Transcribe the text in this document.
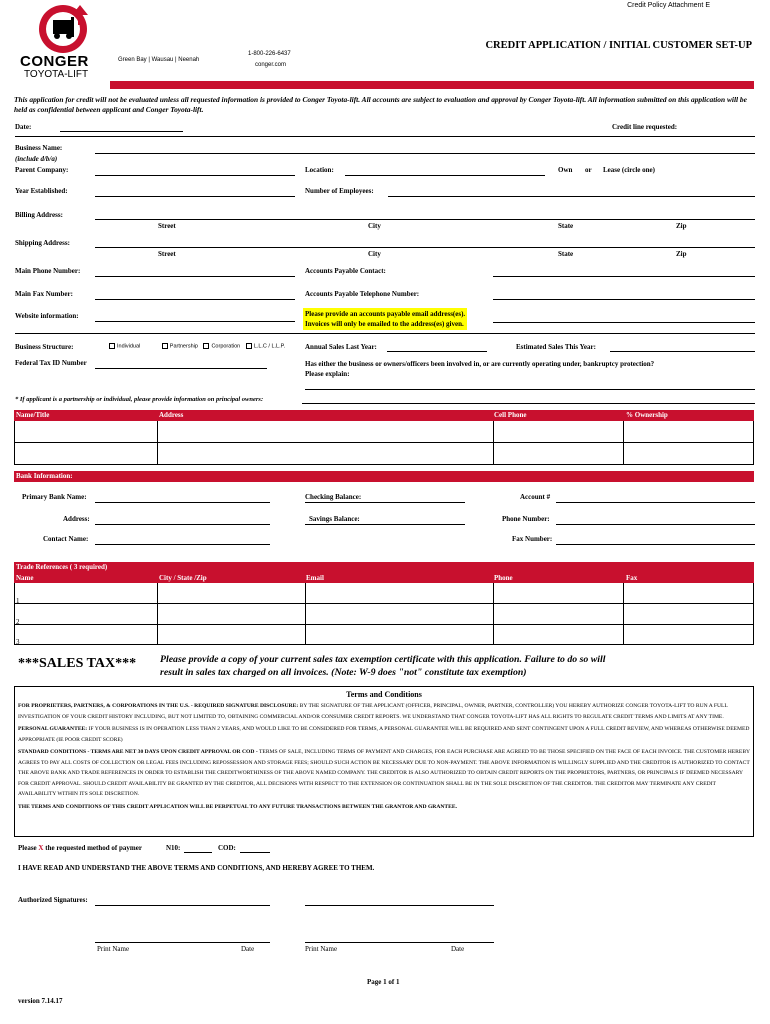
Credit Policy Attachment E
CONGER
TOYOTA-LIFT
Green Bay | Wausau | Neenah
1-800-226-6437
conger.com
CREDIT APPLICATION / INITIAL CUSTOMER SET-UP
This application for credit will not be evaluated unless all requested information is provided to Conger Toyota-lift. All accounts are subject to evaluation and approval by Conger Toyota-lift. All information submitted on this application will be held as confidential between applicant and Conger Toyota-lift.
Date:	Credit line requested:
Business Name:
(include d/b/a)
Parent Company:	Location:	Own or Lease (circle one)
Year Established:	Number of Employees:
Billing Address:
Street	City	State	Zip
Shipping Address:
Street	City	State	Zip
Main Phone Number:	Accounts Payable Contact:
Main Fax Number:	Accounts Payable Telephone Number:
Website information:	Please provide an accounts payable email address(es).
Invoices will only be emailed to the address(es) given.
Business Structure:	Individual	Partnership Corporation L.L.C / L.L.P.	Annual Sales Last Year:	Estimated Sales This Year:
Federal Tax ID Number	Has either the business or owners/officers been involved in, or are currently operating under, bankruptcy protection?
Please explain:
* If applicant is a partnership or individual, please provide information on principal owners:
Name/Title	Address	Cell Phone	% Ownership
Bank Information:
Primary Bank Name:	Checking Balance:	Account #
Address:	Savings Balance:	Phone Number:
Contact Name:	Fax Number:
Trade References ( 3 required)
Name	City / State /Zip	Email	Phone	Fax
1
2
3
***SALES TAX*** Please provide a copy of your current sales tax exemption certificate with this application. Failure to do so will
result in sales tax charged on all invoices. (Note: W-9 does "not" constitute tax exemption)
Terms and Conditions

FOR PROPRIETERS, PARTNERS, & CORPORATIONS IN THE U.S. - REQUIRED SIGNATURE DISCLOSURE: BY THE SIGNATURE OF THE APPLICANT (OFFICER, PRINCIPAL, OWNER, PARTNER, CONTROLLER) YOU HEREBY AUTHORIZE CONGER TOYOTA-LIFT TO RUN A FULL INVESTIGATION OF YOUR CREDIT HISTORY INCLUDING, BUT NOT LIMITED TO, OBTAINING COMMERCIAL AND/OR CONSUMER CREDIT REPORTS. WE UNDERSTAND THAT CONGER TOYOTA-LIFT HAS ALL RIGHTS TO REGULATE CREDIT TERMS AND LIMITS AT ANY TIME.

PERSONAL GUARANTEE: IF YOUR BUSINESS IS IN OPERATION LESS THAN 2 YEARS, AND WOULD LIKE TO BE CONSIDERED FOR TERMS, A PERSONAL GUARANTEE WILL BE REQUIRED AND SENT CONTINGENT UPON A FULL CREDIT REVIEW, AND WHEREAS OTHERWISE DEEMED APPROPRIATE (IE POOR CREDIT SCORE)

STANDARD CONDITIONS - TERMS ARE NET 30 DAYS UPON CREDIT APPROVAL OR COD - TERMS OF SALE, INCLUDING TERMS OF PAYMENT AND CHARGES, FOR EACH PURCHASE ARE AGREED TO BE THOSE SPECIFIED ON THE FACE OF EACH INVOICE. THE CUSTOMER HEREBY AGREES TO PAY ALL COSTS OF COLLECTION OR LEGAL FEES INCLUDING REPOSSESSION AND STORAGE FEES; SHOULD SUCH ACTION BE NECESSARY DUE TO NON-PAYMENT. THE ABOVE INFORMATION IS WILLINGLY SUPPLIED AND THE CREDITOR IS AUTHORIZED TO CONTACT THE ABOVE BANK AND TRADE REFERENCES IN ORDER TO ESTABLISH THE CREDITWORTHINESS OF THE ABOVE NAMED COMPANY. THE CREDITOR IS ALSO AUTHORIZED TO OBTAIN CREDIT REPORTS ON THE PROPRIETORS, PARTNERS, OR PRINCIPALS IF DEEMED NECESSARY FOR CREDIT APPROVAL. SHOULD CREDIT AVAILABILITY BE GRANTED BY THE CREDITOR, ALL DECISIONS WITH RESPECT TO THE EXTENSION OR CONTINUATION SHALL BE IN THE SOLE DISCRETION OF THE CREDITOR. THE CREDITOR MAY TERMINATE ANY CREDIT AVAILABILITY WITHIN ITS SOLE DISCRETION.

THE TERMS AND CONDITIONS OF THIS CREDIT APPLICATION WILL BE PERPETUAL TO ANY FUTURE TRANSACTIONS BETWEEN THE GRANTOR AND GRANTEE.

Please X the requested method of paymer	N10:	COD:
I HAVE READ AND UNDERSTAND THE ABOVE TERMS AND CONDITIONS, AND HEREBY AGREE TO THEM.
Authorized Signatures:
Print Name	Date	Print Name	Date
Page 1 of 1
version 7.14.17
